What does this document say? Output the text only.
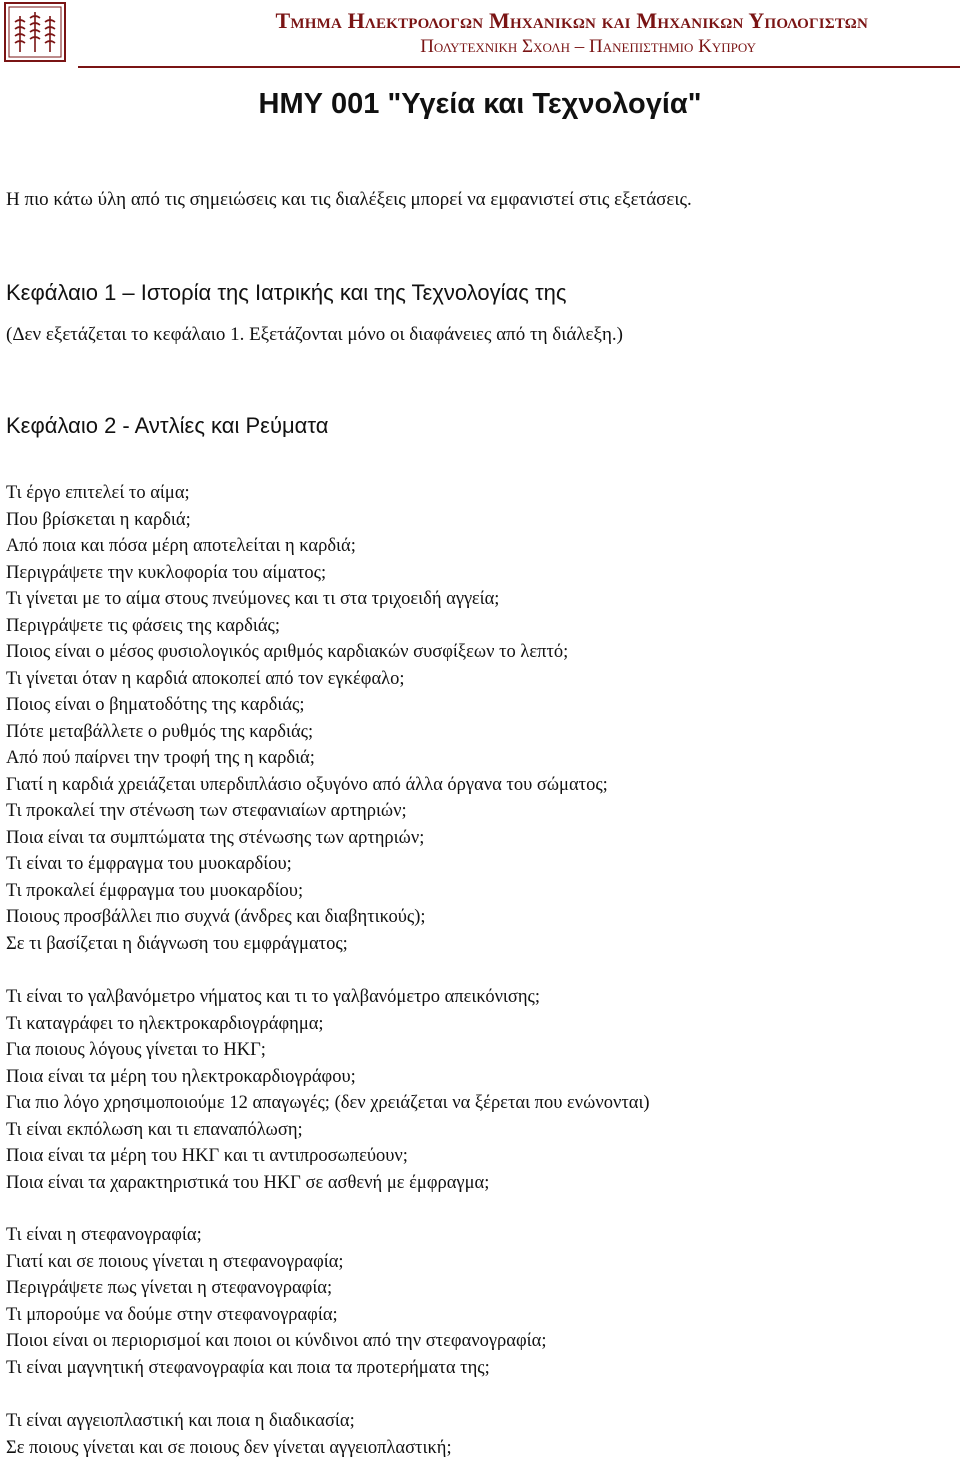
Τμημα Ηλεκτρολογων Μηχανικων και Μηχανικων Υπολογιστων
Πολυτεχνικη Σχολη – Πανεπιστημιο Κυπρου
ΗΜΥ 001 "Υγεία και Τεχνολογία"
Η πιο κάτω ύλη από τις σημειώσεις και τις διαλέξεις μπορεί να εμφανιστεί στις εξετάσεις.
Κεφάλαιο 1 – Ιστορία της Ιατρικής και της Τεχνολογίας της
(Δεν εξετάζεται το κεφάλαιο 1. Εξετάζονται μόνο οι διαφάνειες από τη διάλεξη.)
Κεφάλαιο 2 - Αντλίες και Ρεύματα
Τι έργο επιτελεί το αίμα;
Που βρίσκεται η καρδιά;
Από ποια και πόσα μέρη αποτελείται η καρδιά;
Περιγράψετε την κυκλοφορία του αίματος;
Τι γίνεται με το αίμα στους πνεύμονες και τι στα τριχοειδή αγγεία;
Περιγράψετε τις φάσεις της καρδιάς;
Ποιος είναι ο μέσος φυσιολογικός αριθμός καρδιακών συσφίξεων το λεπτό;
Τι γίνεται όταν η καρδιά αποκοπεί από τον εγκέφαλο;
Ποιος είναι ο βηματοδότης της καρδιάς;
Πότε μεταβάλλετε ο ρυθμός της καρδιάς;
Από πού παίρνει την τροφή της η καρδιά;
Γιατί η καρδιά χρειάζεται υπερδιπλάσιο οξυγόνο από άλλα όργανα του σώματος;
Τι προκαλεί την στένωση των στεφανιαίων αρτηριών;
Ποια είναι τα συμπτώματα της στένωσης των αρτηριών;
Τι είναι το έμφραγμα του μυοκαρδίου;
Τι προκαλεί έμφραγμα του μυοκαρδίου;
Ποιους προσβάλλει πιο συχνά (άνδρες και διαβητικούς);
Σε τι βασίζεται η διάγνωση του εμφράγματος;
Τι είναι το γαλβανόμετρο νήματος και τι το γαλβανόμετρο απεικόνισης;
Τι καταγράφει το ηλεκτροκαρδιογράφημα;
Για ποιους λόγους γίνεται το ΗΚΓ;
Ποια είναι τα μέρη του ηλεκτροκαρδιογράφου;
Για πιο λόγο χρησιμοποιούμε 12 απαγωγές; (δεν χρειάζεται να ξέρεται που ενώνονται)
Τι είναι εκπόλωση και τι επαναπόλωση;
Ποια είναι τα μέρη του ΗΚΓ και τι αντιπροσωπεύουν;
Ποια είναι τα χαρακτηριστικά του ΗΚΓ σε ασθενή με έμφραγμα;
Τι είναι η στεφανογραφία;
Γιατί και σε ποιους γίνεται η στεφανογραφία;
Περιγράψετε πως γίνεται η στεφανογραφία;
Τι μπορούμε να δούμε στην στεφανογραφία;
Ποιοι είναι οι περιορισμοί και ποιοι οι κύνδινοι από την στεφανογραφία;
Τι είναι μαγνητική στεφανογραφία και ποια τα προτερήματα της;
Τι είναι αγγειοπλαστική και ποια η διαδικασία;
Σε ποιους γίνεται και σε ποιους δεν γίνεται αγγειοπλαστική;
